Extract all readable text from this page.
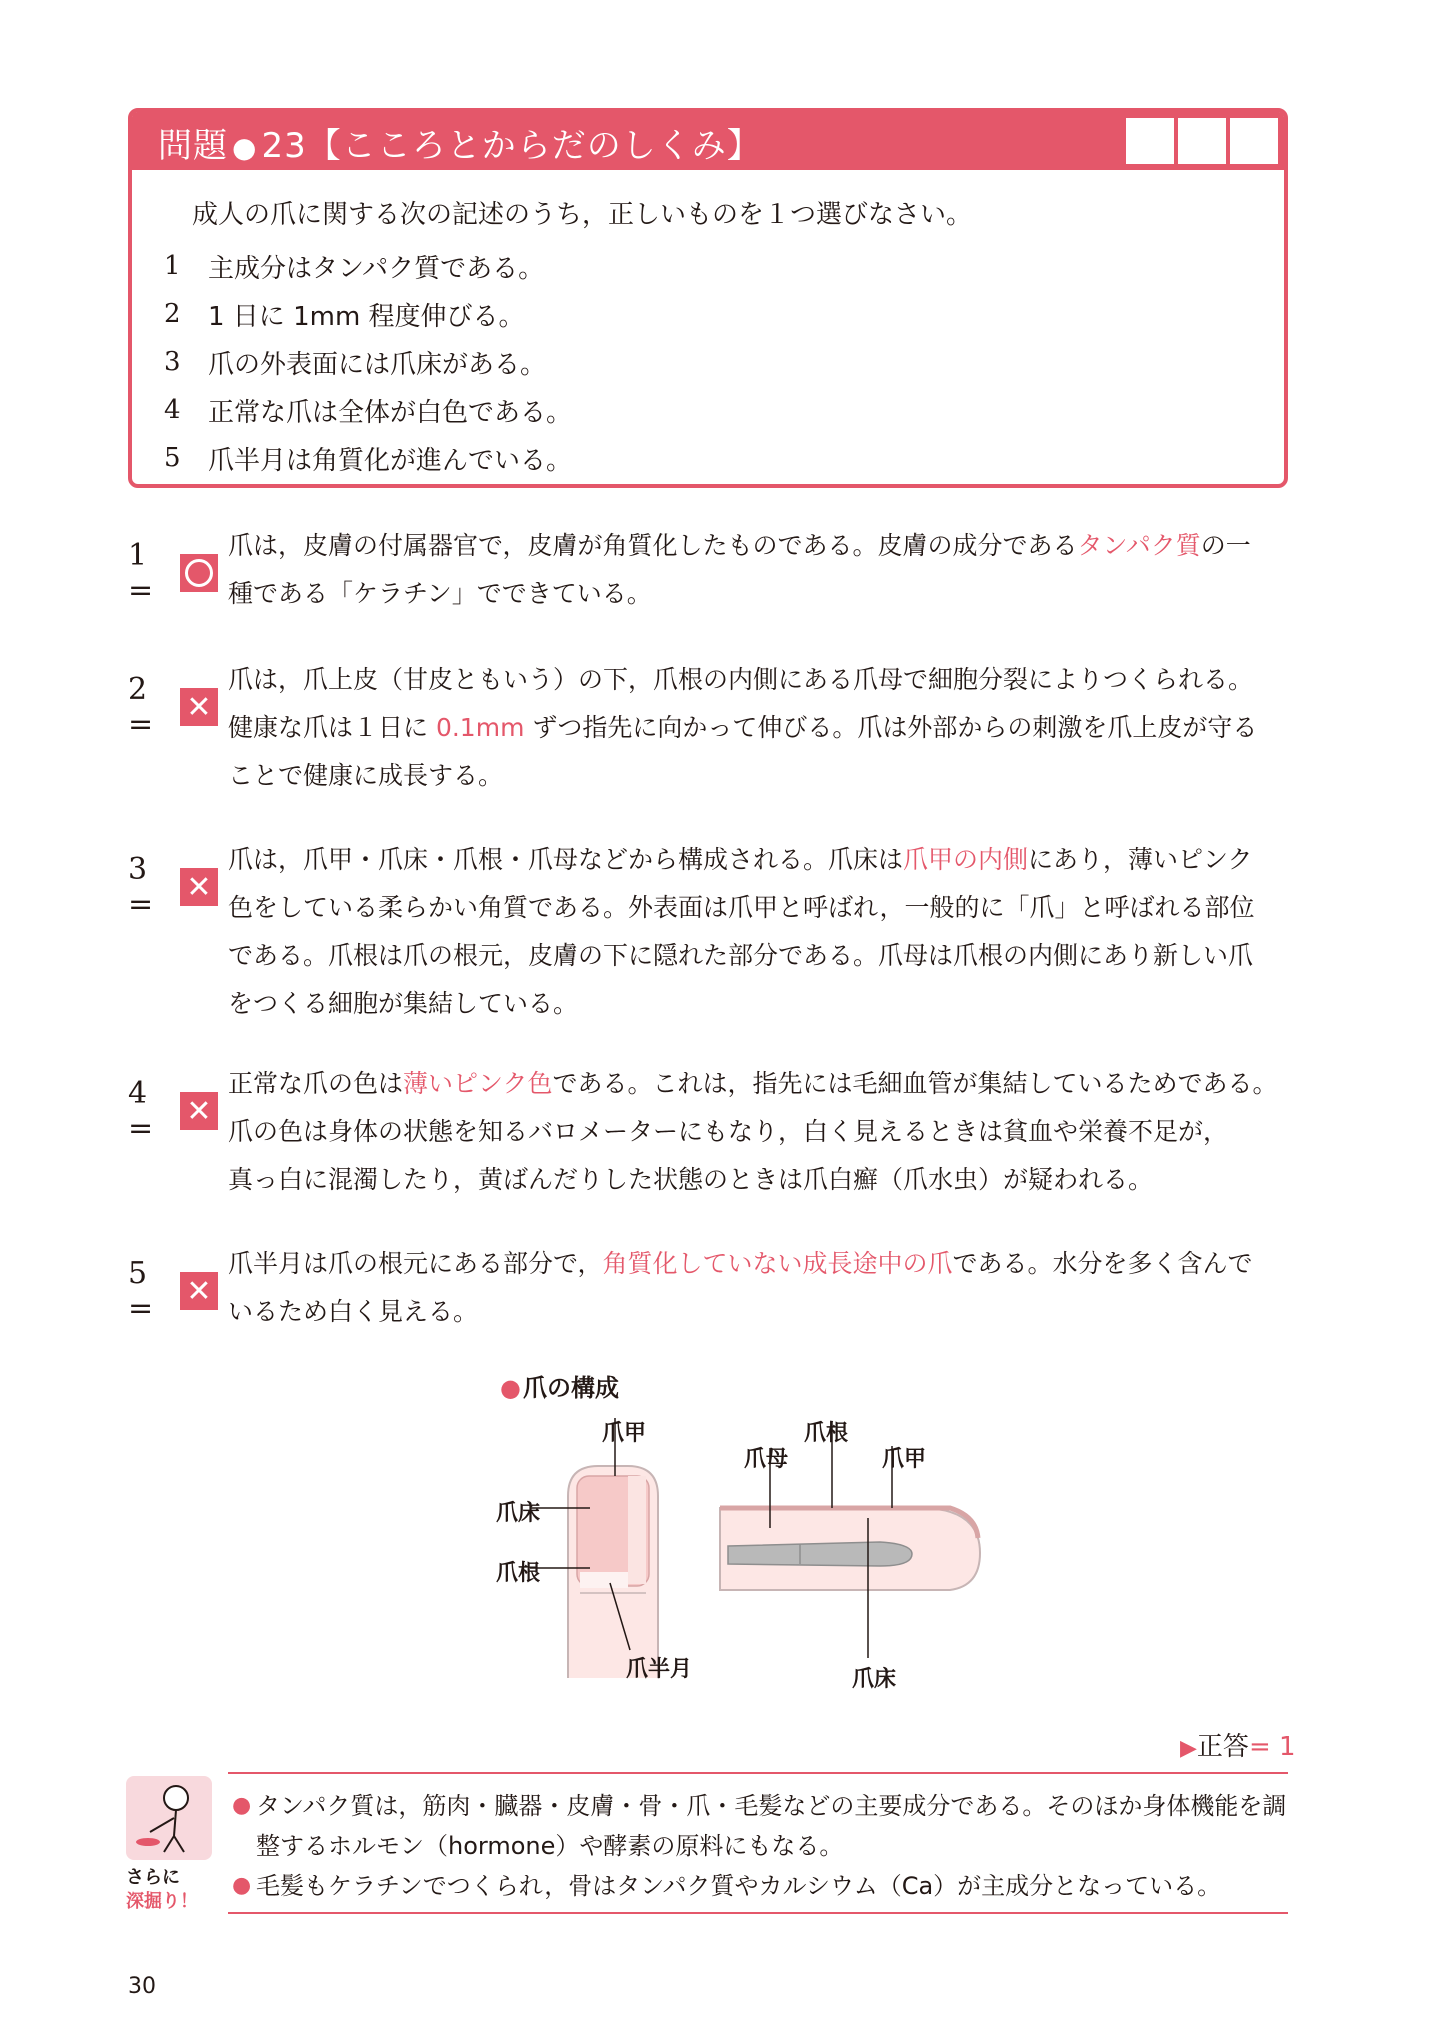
問題 ● 23【こころとからだのしくみ】
成人の爪に関する次の記述のうち，正しいものを１つ選びなさい。
1	主成分はタンパク質である。
2	1 日に 1mm 程度伸びる。
3	爪の外表面には爪床がある。
4	正常な爪は全体が白色である。
5	爪半月は角質化が進んでいる。
1 =

爪は，皮膚の付属器官で，皮膚が角質化したものである。皮膚の成分であるタンパク質の一

種である「ケラチン」でできている。

2 =	✕

爪は，爪上皮（甘皮ともいう）の下，爪根の内側にある爪母で細胞分裂によりつくられる。

健康な爪は１日に 0.1mm ずつ指先に向かって伸びる。爪は外部からの刺激を爪上皮が守る

ことで健康に成長する。

3 =	✕

爪は，爪甲・爪床・爪根・爪母などから構成される。爪床は爪甲の内側にあり，薄いピンク

色をしている柔らかい角質である。外表面は爪甲と呼ばれ，一般的に「爪」と呼ばれる部位

である。爪根は爪の根元，皮膚の下に隠れた部分である。爪母は爪根の内側にあり新しい爪

をつくる細胞が集結している。

4 =	✕

正常な爪の色は薄いピンク色である。これは，指先には毛細血管が集結しているためである。

爪の色は身体の状態を知るバロメーターにもなり，白く見えるときは貧血や栄養不足が，

真っ白に混濁したり，黄ばんだりした状態のときは爪白癬（爪水虫）が疑われる。

5 =	✕

爪半月は爪の根元にある部分で，角質化していない成長途中の爪である。水分を多く含んで

いるため白く見える。

●爪の構成
爪甲
爪床
爪根
爪半月
爪母
爪根
爪甲
爪床
▶正答= 1
さらに
深掘り！
● タンパク質は，筋肉・臓器・皮膚・骨・爪・毛髪などの主要成分である。そのほか身体機能を調整するホルモン（hormone）や酵素の原料にもなる。
● 毛髪もケラチンでつくられ，骨はタンパク質やカルシウム（Ca）が主成分となっている。
30
